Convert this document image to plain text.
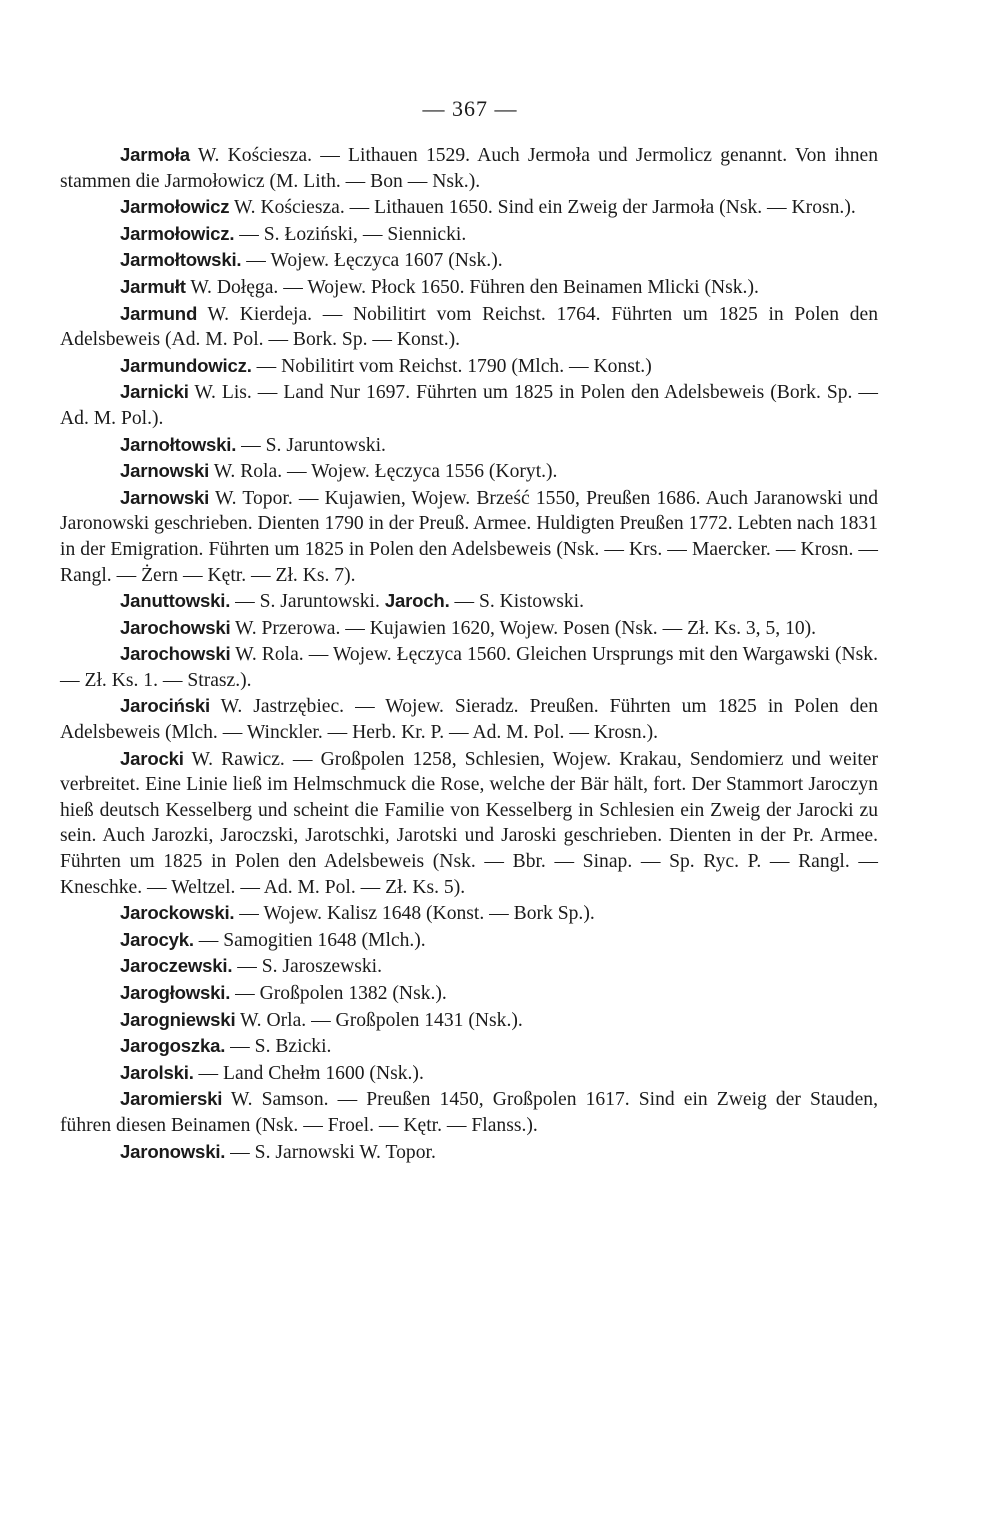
— 367 —

Jarmoła W. Kościesza. — Lithauen 1529. Auch Jermoła und Jermolicz genannt. Von ihnen stammen die Jarmołowicz (M. Lith. — Bon — Nsk.).

Jarmołowicz W. Kościesza. — Lithauen 1650. Sind ein Zweig der Jarmoła (Nsk. — Krosn.).

Jarmołowicz. — S. Łoziński, — Siennicki.

Jarmołtowski. — Wojew. Łęczyca 1607 (Nsk.).

Jarmułt W. Dołęga. — Wojew. Płock 1650. Führen den Beinamen Mlicki (Nsk.).

Jarmund W. Kierdeja. — Nobilitirt vom Reichst. 1764. Führten um 1825 in Polen den Adelsbeweis (Ad. M. Pol. — Bork. Sp. — Konst.).

Jarmundowicz. — Nobilitirt vom Reichst. 1790 (Mlch. — Konst.)

Jarnicki W. Lis. — Land Nur 1697. Führten um 1825 in Polen den Adelsbeweis (Bork. Sp. — Ad. M. Pol.).

Jarnołtowski. — S. Jaruntowski.

Jarnowski W. Rola. — Wojew. Łęczyca 1556 (Koryt.).

Jarnowski W. Topor. — Kujawien, Wojew. Brześć 1550, Preußen 1686. Auch Jaranowski und Jaronowski geschrieben. Dienten 1790 in der Preuß. Armee. Huldigten Preußen 1772. Lebten nach 1831 in der Emigration. Führten um 1825 in Polen den Adelsbeweis (Nsk. — Krs. — Maercker. — Krosn. — Rangl. — Żern — Kętr. — Zł. Ks. 7).

Januttowski. — S. Jaruntowski. Jaroch. — S. Kistowski.

Jarochowski W. Przerowa. — Kujawien 1620, Wojew. Posen (Nsk. — Zł. Ks. 3, 5, 10).

Jarochowski W. Rola. — Wojew. Łęczyca 1560. Gleichen Ursprungs mit den Wargawski (Nsk. — Zł. Ks. 1. — Strasz.).

Jarociński W. Jastrzębiec. — Wojew. Sieradz. Preußen. Führten um 1825 in Polen den Adelsbeweis (Mlch. — Winckler. — Herb. Kr. P. — Ad. M. Pol. — Krosn.).

Jarocki W. Rawicz. — Großpolen 1258, Schlesien, Wojew. Krakau, Sendomierz und weiter verbreitet. Eine Linie ließ im Helmschmuck die Rose, welche der Bär hält, fort. Der Stammort Jaroczyn hieß deutsch Kesselberg und scheint die Familie von Kesselberg in Schlesien ein Zweig der Jarocki zu sein. Auch Jarozki, Jaroczski, Jarotschki, Jarotski und Jaroski geschrieben. Dienten in der Pr. Armee. Führten um 1825 in Polen den Adelsbeweis (Nsk. — Bbr. — Sinap. — Sp. Ryc. P. — Rangl. — Kneschke. — Weltzel. — Ad. M. Pol. — Zł. Ks. 5).

Jarockowski. — Wojew. Kalisz 1648 (Konst. — Bork Sp.).

Jarocyk. — Samogitien 1648 (Mlch.).

Jaroczewski. — S. Jaroszewski.

Jarogłowski. — Großpolen 1382 (Nsk.).

Jarogniewski W. Orla. — Großpolen 1431 (Nsk.).

Jarogoszka. — S. Bzicki.

Jarolski. — Land Chełm 1600 (Nsk.).

Jaromierski W. Samson. — Preußen 1450, Großpolen 1617. Sind ein Zweig der Stauden, führen diesen Beinamen (Nsk. — Froel. — Kętr. — Flanss.).

Jaronowski. — S. Jarnowski W. Topor.
